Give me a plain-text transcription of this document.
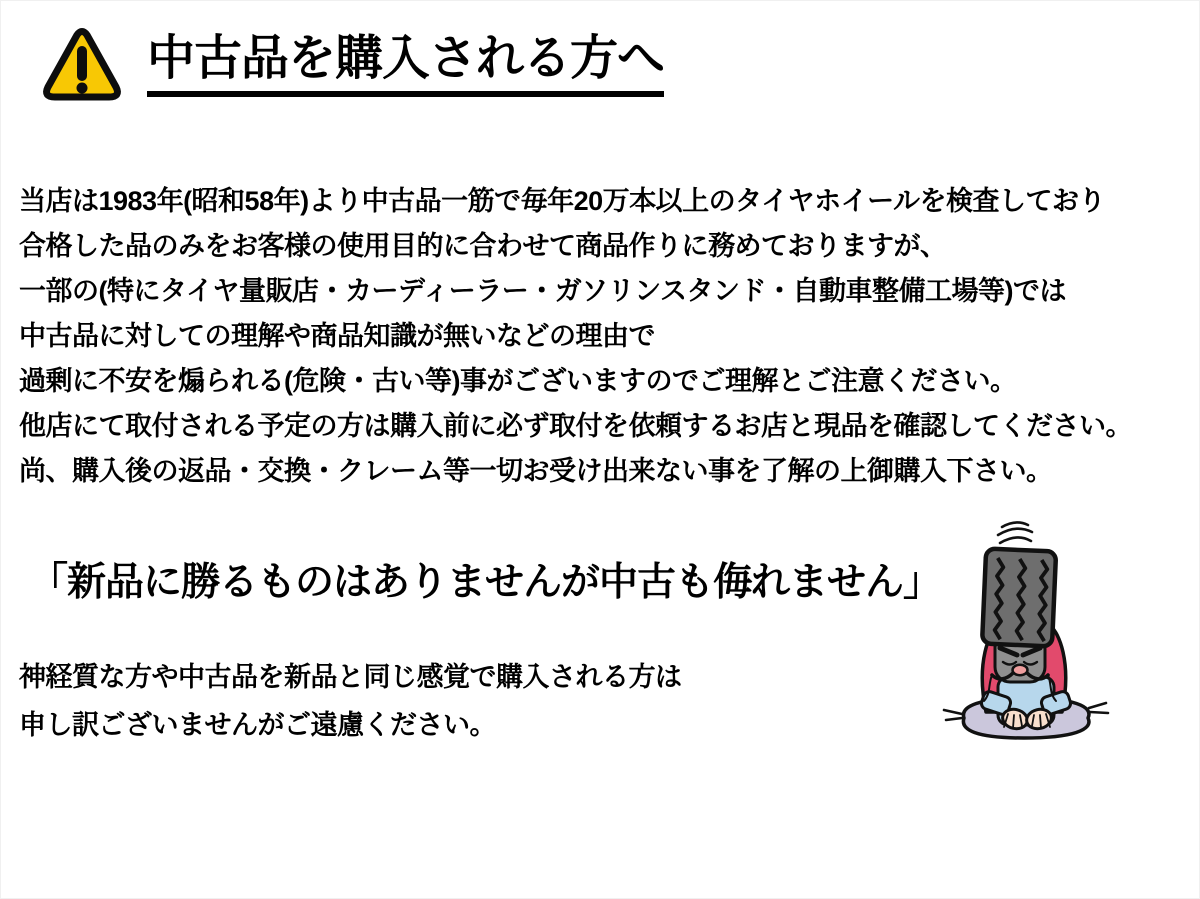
中古品を購入される方へ
当店は1983年(昭和58年)より中古品一筋で毎年20万本以上のタイヤホイールを検査しており
合格した品のみをお客様の使用目的に合わせて商品作りに務めておりますが、
一部の(特にタイヤ量販店・カーディーラー・ガソリンスタンド・自動車整備工場等)では
中古品に対しての理解や商品知識が無いなどの理由で
過剰に不安を煽られる(危険・古い等)事がございますのでご理解とご注意ください。
他店にて取付される予定の方は購入前に必ず取付を依頼するお店と現品を確認してください。
尚、購入後の返品・交換・クレーム等一切お受け出来ない事を了解の上御購入下さい。
「新品に勝るものはありませんが中古も侮れません」
神経質な方や中古品を新品と同じ感覚で購入される方は
申し訳ございませんがご遠慮ください。
